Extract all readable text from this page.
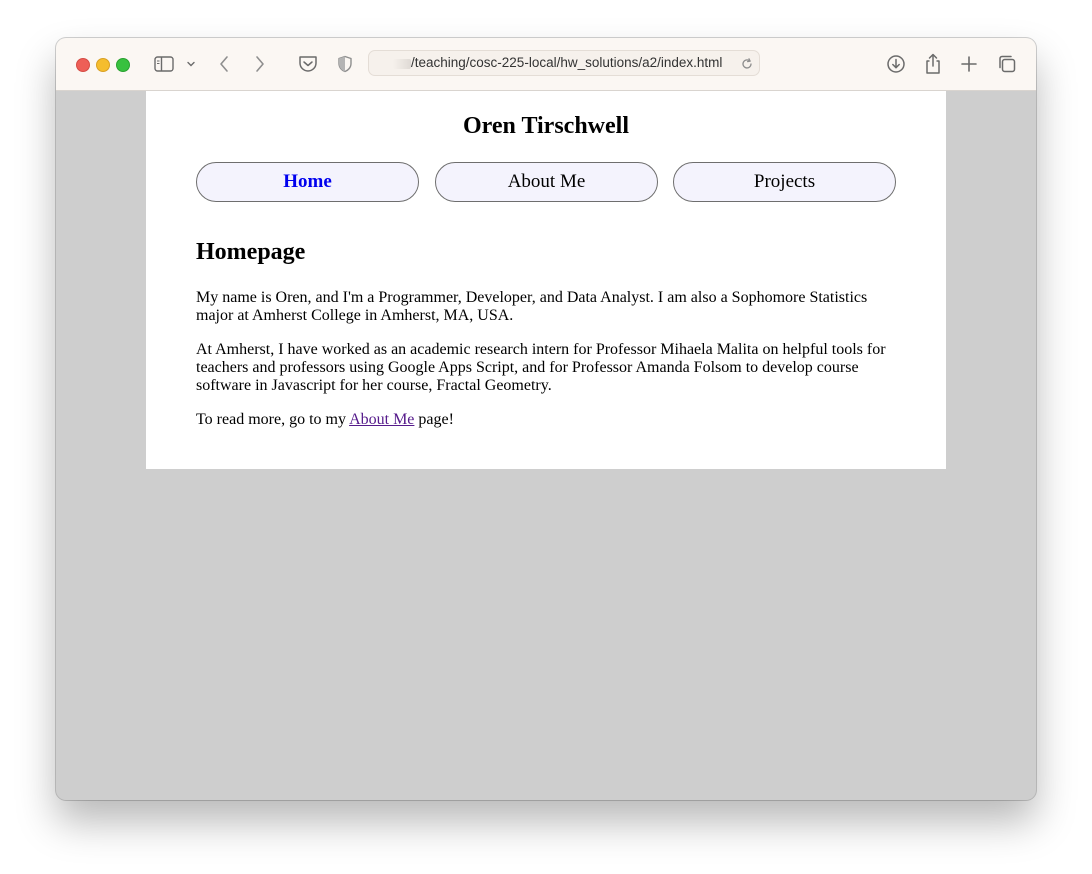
/teaching/cosc-225-local/hw_solutions/a2/index.html
Oren Tirschwell
Home	About Me	Projects
Homepage

My name is Oren, and I'm a Programmer, Developer, and Data Analyst. I am also a Sophomore Statistics major at Amherst College in Amherst, MA, USA.

At Amherst, I have worked as an academic research intern for Professor Mihaela Malita on helpful tools for teachers and professors using Google Apps Script, and for Professor Amanda Folsom to develop course software in Javascript for her course, Fractal Geometry.

To read more, go to my About Me page!
